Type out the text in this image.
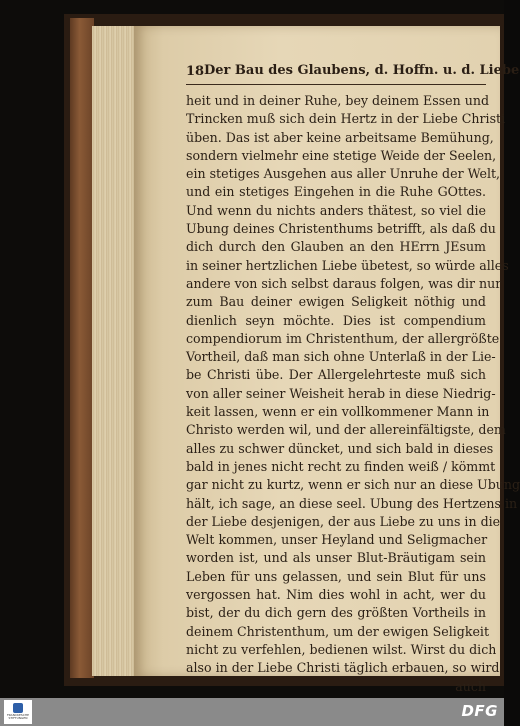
18 Der Bau des Glaubens, d. Hoffn. u. d. Liebe
heit und in deiner Ruhe, bey deinem Essen und
Trincken muß sich dein Hertz in der Liebe Christi
üben. Das ist aber keine arbeitsame Bemühung,
sondern vielmehr eine stetige Weide der Seelen,
ein stetiges Ausgehen aus aller Unruhe der Welt,
und ein stetiges Eingehen in die Ruhe GOttes.
Und wenn du nichts anders thätest, so viel die
Ubung deines Christenthums betrifft, als daß du
dich durch den Glauben an den HErrn JEsum
in seiner hertzlichen Liebe übetest, so würde alles
andere von sich selbst daraus folgen, was dir nur
zum Bau deiner ewigen Seligkeit nöthig und
dienlich seyn möchte. Dies ist compendium
compendiorum im Christenthum, der allergrößte
Vortheil, daß man sich ohne Unterlaß in der Lie-
be Christi übe. Der Allergelehrteste muß sich
von aller seiner Weisheit herab in diese Niedrig-
keit lassen, wenn er ein vollkommener Mann in
Christo werden wil, und der allereinfältigste, dem
alles zu schwer düncket, und sich bald in dieses
bald in jenes nicht recht zu finden weiß / kömmt
gar nicht zu kurtz, wenn er sich nur an diese Ubung
hält, ich sage, an diese seel. Ubung des Hertzens in
der Liebe desjenigen, der aus Liebe zu uns in die
Welt kommen, unser Heyland und Seligmacher
worden ist, und als unser Blut-Bräutigam sein
Leben für uns gelassen, und sein Blut für uns
vergossen hat. Nim dies wohl in acht, wer du
bist, der du dich gern des größten Vortheils in
deinem Christenthum, um der ewigen Seligkeit
nicht zu verfehlen, bedienen wilst. Wirst du dich
also in der Liebe Christi täglich erbauen, so wird
auch
FRANCKESCHE STIFTUNGEN	DFG
